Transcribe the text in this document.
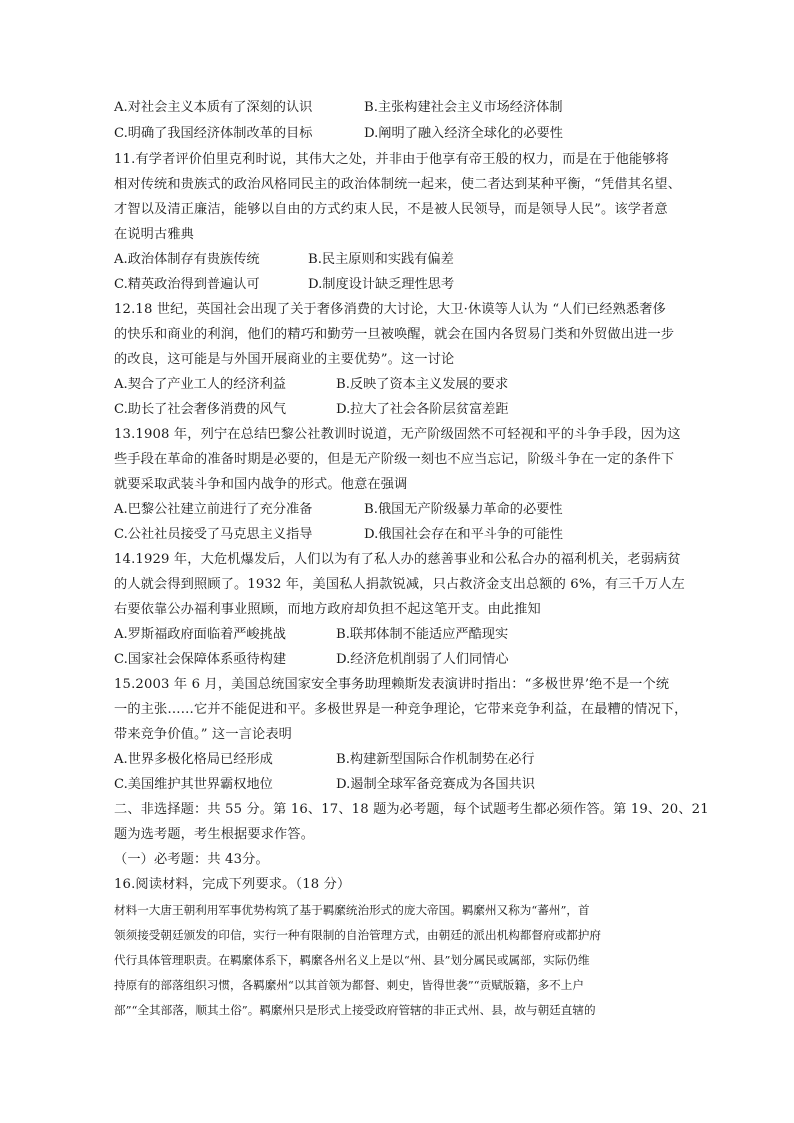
A.对社会主义本质有了深刻的认识	B.主张构建社会主义市场经济体制
C.明确了我国经济体制改革的目标	D.阐明了融入经济全球化的必要性
11.有学者评价伯里克利时说，其伟大之处，并非由于他享有帝王般的权力，而是在于他能够将
相对传统和贵族式的政治风格同民主的政治体制统一起来，使二者达到某种平衡，“凭借其名望、
才智以及清正廉洁，能够以自由的方式约束人民，不是被人民领导，而是领导人民”。该学者意
在说明古雅典
A.政治体制存有贵族传统	B.民主原则和实践有偏差
C.精英政治得到普遍认可	D.制度设计缺乏理性思考
12.18 世纪，英国社会出现了关于奢侈消费的大讨论，大卫·休谟等人认为 “人们已经熟悉奢侈
的快乐和商业的利润，他们的精巧和勤劳一旦被唤醒，就会在国内各贸易门类和外贸做出进一步
的改良，这可能是与外国开展商业的主要优势”。这一讨论
A.契合了产业工人的经济利益	B.反映了资本主义发展的要求
C.助长了社会奢侈消费的风气	D.拉大了社会各阶层贫富差距
13.1908 年，列宁在总结巴黎公社教训时说道，无产阶级固然不可轻视和平的斗争手段，因为这
些手段在革命的准备时期是必要的，但是无产阶级一刻也不应当忘记，阶级斗争在一定的条件下
就要采取武装斗争和国内战争的形式。他意在强调
A.巴黎公社建立前进行了充分准备	B.俄国无产阶级暴力革命的必要性
C.公社社员接受了马克思主义指导	D.俄国社会存在和平斗争的可能性
14.1929 年，大危机爆发后，人们以为有了私人办的慈善事业和公私合办的福利机关，老弱病贫
的人就会得到照顾了。1932 年，美国私人捐款锐减，只占救济金支出总额的 6%，有三千万人左
右要依靠公办福利事业照顾，而地方政府却负担不起这笔开支。由此推知
A.罗斯福政府面临着严峻挑战	B.联邦体制不能适应严酷现实
C.国家社会保障体系亟待构建	D.经济危机削弱了人们同情心
15.2003 年 6 月，美国总统国家安全事务助理赖斯发表演讲时指出：“多极世界’绝不是一个统
一的主张……它并不能促进和平。多极世界是一种竞争理论，它带来竞争利益，在最糟的情况下，
带来竞争价值。” 这一言论表明
A.世界多极化格局已经形成	B.构建新型国际合作机制势在必行
C.美国维护其世界霸权地位	D.遏制全球军备竞赛成为各国共识
二、非选择题：共 55 分。第 16、17、18 题为必考题，每个试题考生都必须作答。第 19、20、21
题为选考题，考生根据要求作答。
（一）必考题：共 43分。
16.阅读材料，完成下列要求。（18 分）
材料一大唐王朝利用军事优势构筑了基于羁縻统治形式的庞大帝国。羁縻州又称为“蕃州”，首
领须接受朝廷颁发的印信，实行一种有限制的自治管理方式，由朝廷的派出机构都督府或都护府
代行具体管理职责。在羁縻体系下，羁縻各州名义上是以“州、县”划分属民或属部，实际仍维
持原有的部落组织习惯，各羁縻州“以其首领为都督、刺史，皆得世袭”“贡赋版籍，多不上户
部”“全其部落，顺其土俗”。羁縻州只是形式上接受政府管辖的非正式州、县，故与朝廷直辖的
